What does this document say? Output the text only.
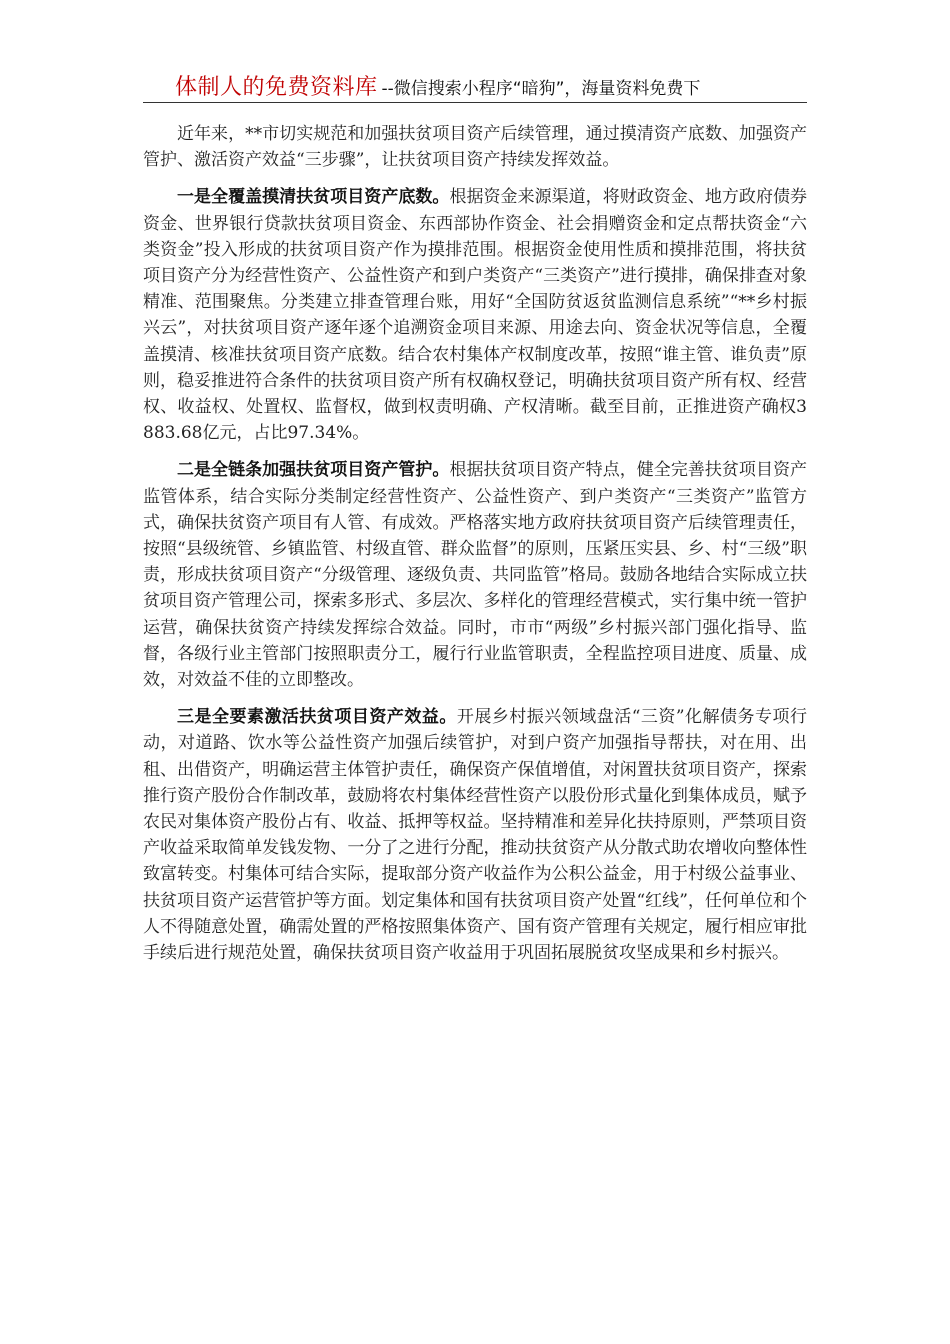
体制人的免费资料库 --微信搜索小程序“暗狗”，海量资料免费下

近年来，**市切实规范和加强扶贫项目资产后续管理，通过摸清资产底数、加强资产管护、激活资产效益“三步骤”，让扶贫项目资产持续发挥效益。

一是全覆盖摸清扶贫项目资产底数。根据资金来源渠道，将财政资金、地方政府债券资金、世界银行贷款扶贫项目资金、东西部协作资金、社会捐赠资金和定点帮扶资金“六类资金”投入形成的扶贫项目资产作为摸排范围。根据资金使用性质和摸排范围，将扶贫项目资产分为经营性资产、公益性资产和到户类资产“三类资产”进行摸排，确保排查对象精准、范围聚焦。分类建立排查管理台账，用好“全国防贫返贫监测信息系统”“**乡村振兴云”，对扶贫项目资产逐年逐个追溯资金项目来源、用途去向、资金状况等信息，全覆盖摸清、核准扶贫项目资产底数。结合农村集体产权制度改革，按照“谁主管、谁负责”原则，稳妥推进符合条件的扶贫项目资产所有权确权登记，明确扶贫项目资产所有权、经营权、收益权、处置权、监督权，做到权责明确、产权清晰。截至目前，正推进资产确权3883.68亿元，占比97.34%。

二是全链条加强扶贫项目资产管护。根据扶贫项目资产特点，健全完善扶贫项目资产监管体系，结合实际分类制定经营性资产、公益性资产、到户类资产“三类资产”监管方式，确保扶贫资产项目有人管、有成效。严格落实地方政府扶贫项目资产后续管理责任，按照“县级统管、乡镇监管、村级直管、群众监督”的原则，压紧压实县、乡、村“三级”职责，形成扶贫项目资产“分级管理、逐级负责、共同监管”格局。鼓励各地结合实际成立扶贫项目资产管理公司，探索多形式、多层次、多样化的管理经营模式，实行集中统一管护运营，确保扶贫资产持续发挥综合效益。同时，市市“两级”乡村振兴部门强化指导、监督，各级行业主管部门按照职责分工，履行行业监管职责，全程监控项目进度、质量、成效，对效益不佳的立即整改。

三是全要素激活扶贫项目资产效益。开展乡村振兴领域盘活“三资”化解债务专项行动，对道路、饮水等公益性资产加强后续管护，对到户资产加强指导帮扶，对在用、出租、出借资产，明确运营主体管护责任，确保资产保值增值，对闲置扶贫项目资产，探索推行资产股份合作制改革，鼓励将农村集体经营性资产以股份形式量化到集体成员，赋予农民对集体资产股份占有、收益、抵押等权益。坚持精准和差异化扶持原则，严禁项目资产收益采取简单发钱发物、一分了之进行分配，推动扶贫资产从分散式助农增收向整体性致富转变。村集体可结合实际，提取部分资产收益作为公积公益金，用于村级公益事业、扶贫项目资产运营管护等方面。划定集体和国有扶贫项目资产处置“红线”，任何单位和个人不得随意处置，确需处置的严格按照集体资产、国有资产管理有关规定，履行相应审批手续后进行规范处置，确保扶贫项目资产收益用于巩固拓展脱贫攻坚成果和乡村振兴。
